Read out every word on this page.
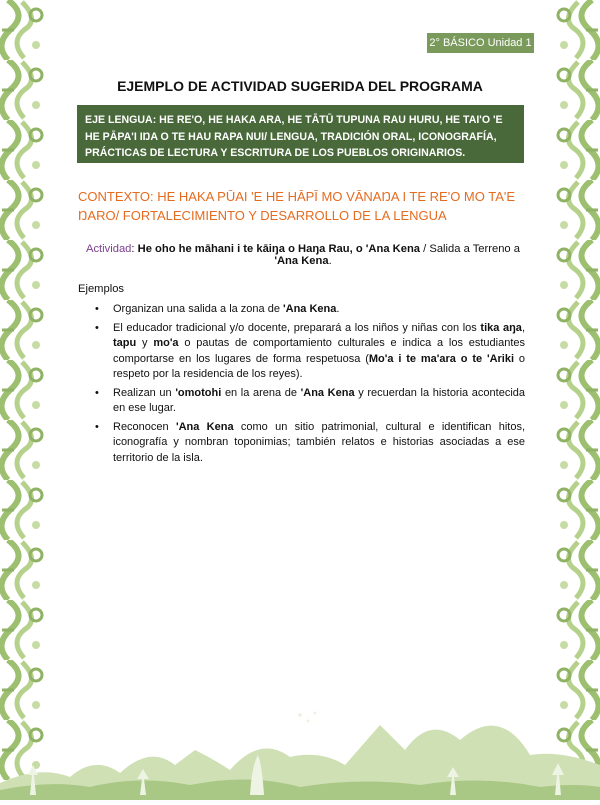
2° BÁSICO Unidad 1
EJEMPLO DE ACTIVIDAD SUGERIDA DEL PROGRAMA
EJE LENGUA: HE RE'O, HE HAKA ARA, HE TĀTŪ TUPUNA RAU HURU, HE TAI'O 'E HE PĀPA'I IŊA O TE HAU RAPA NUI/ LENGUA, TRADICIÓN ORAL, ICONOGRAFÍA, PRÁCTICAS DE LECTURA Y ESCRITURA DE LOS PUEBLOS ORIGINARIOS.
CONTEXTO: HE HAKA PŪAI 'E HE HĀPĪ MO VĀNAŊA I TE RE'O MO TA'E ŊARO/ FORTALECIMIENTO Y DESARROLLO DE LA LENGUA
Actividad: He oho he māhani i te kāiŋa o Haŋa Rau, o 'Ana Kena / Salida a Terreno a 'Ana Kena.
Ejemplos
• Organizan una salida a la zona de 'Ana Kena.
• El educador tradicional y/o docente, preparará a los niños y niñas con los tika aŋa, tapu y mo'a o pautas de comportamiento culturales e indica a los estudiantes comportarse en los lugares de forma respetuosa (Mo'a i te ma'ara o te 'Ariki o respeto por la residencia de los reyes).
• Realizan un 'omotohi en la arena de 'Ana Kena y recuerdan la historia acontecida en ese lugar.
• Reconocen 'Ana Kena como un sitio patrimonial, cultural e identifican hitos, iconografía y nombran toponimias; también relatos e historias asociadas a ese territorio de la isla.
